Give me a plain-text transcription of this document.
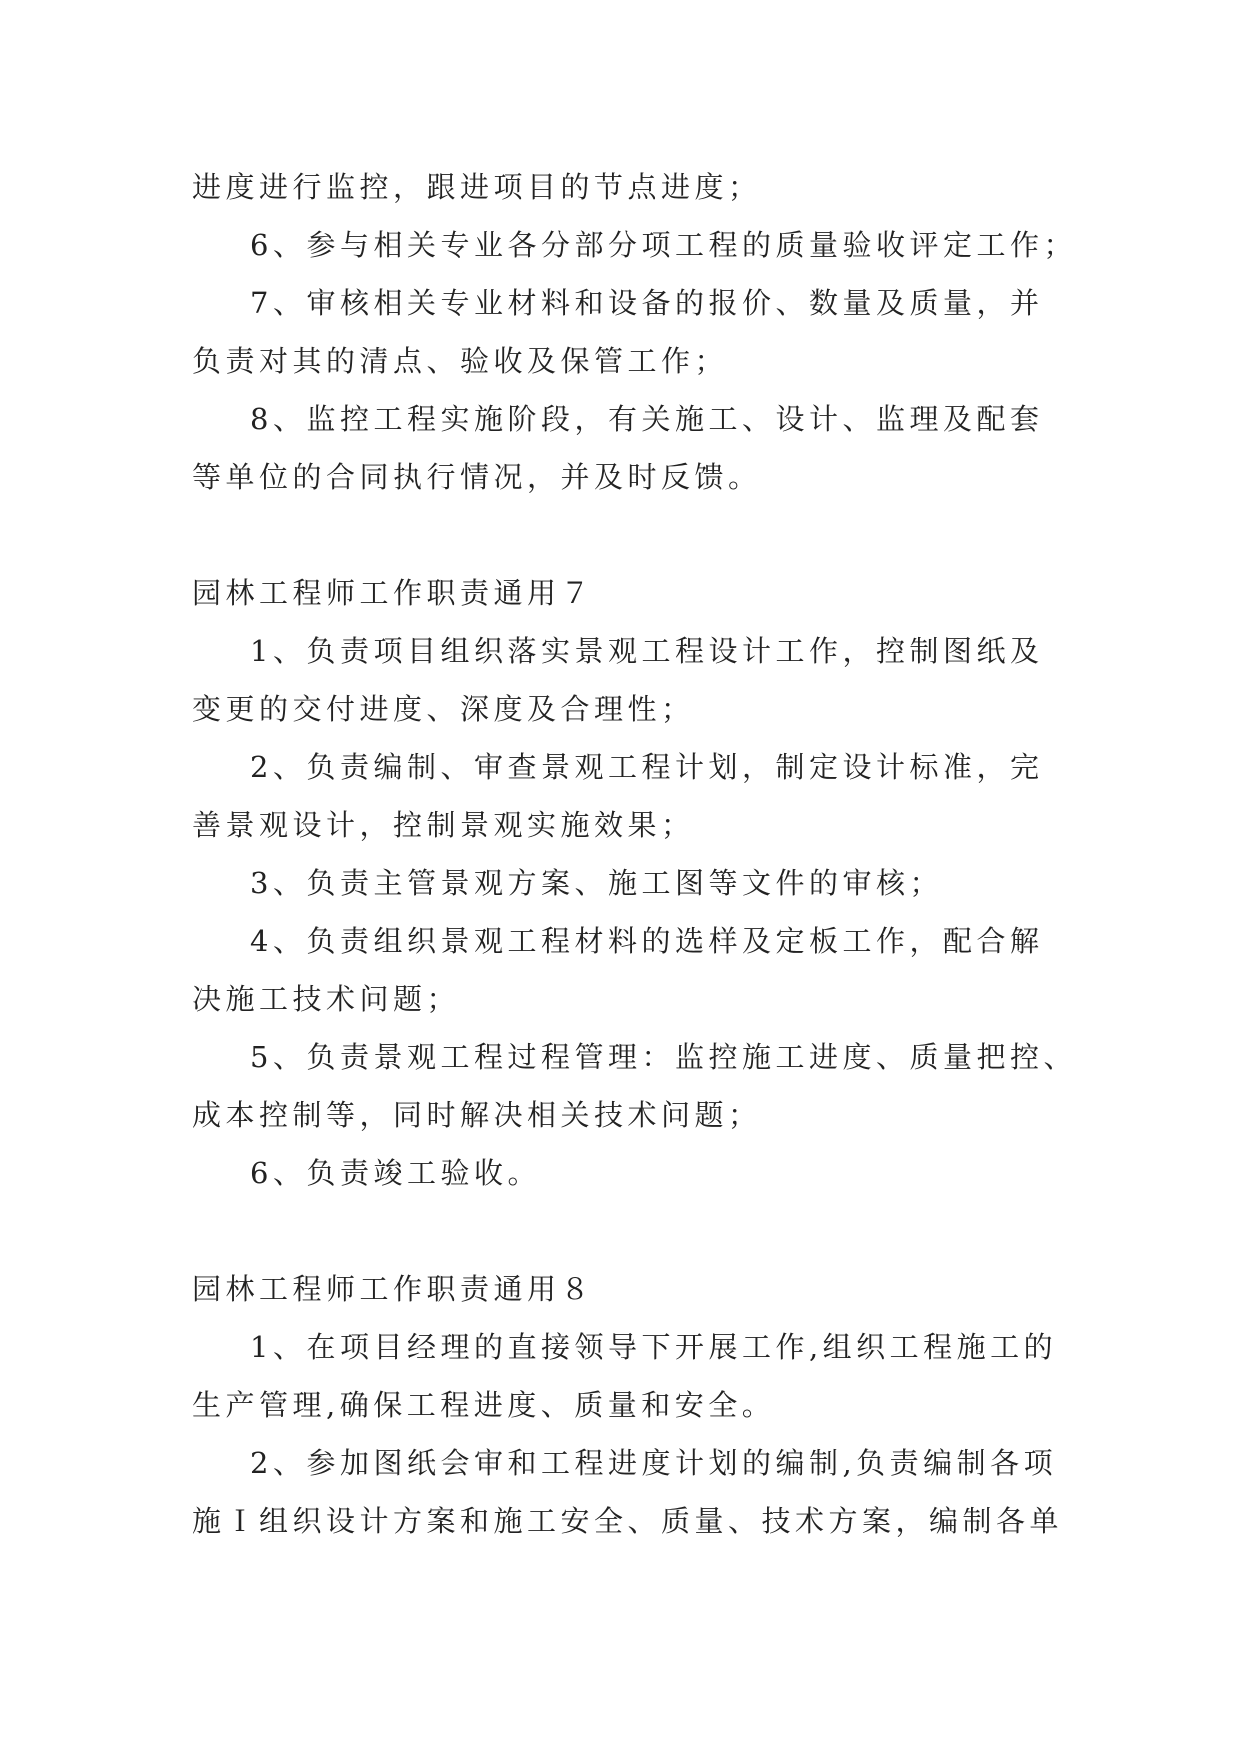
进度进行监控，跟进项目的节点进度；
6、参与相关专业各分部分项工程的质量验收评定工作；
7、审核相关专业材料和设备的报价、数量及质量，并
负责对其的清点、验收及保管工作；
8、监控工程实施阶段，有关施工、设计、监理及配套
等单位的合同执行情况，并及时反馈。
园林工程师工作职责通用７
1、负责项目组织落实景观工程设计工作，控制图纸及
变更的交付进度、深度及合理性；
2、负责编制、审查景观工程计划，制定设计标准，完
善景观设计，控制景观实施效果；
3、负责主管景观方案、施工图等文件的审核；
4、负责组织景观工程材料的选样及定板工作，配合解
决施工技术问题；
5、负责景观工程过程管理：监控施工进度、质量把控、
成本控制等，同时解决相关技术问题；
6、负责竣工验收。
园林工程师工作职责通用８
1、在项目经理的直接领导下开展工作,组织工程施工的
生产管理,确保工程进度、质量和安全。
2、参加图纸会审和工程进度计划的编制,负责编制各项
施Ｉ组织设计方案和施工安全、质量、技术方案，编制各单
